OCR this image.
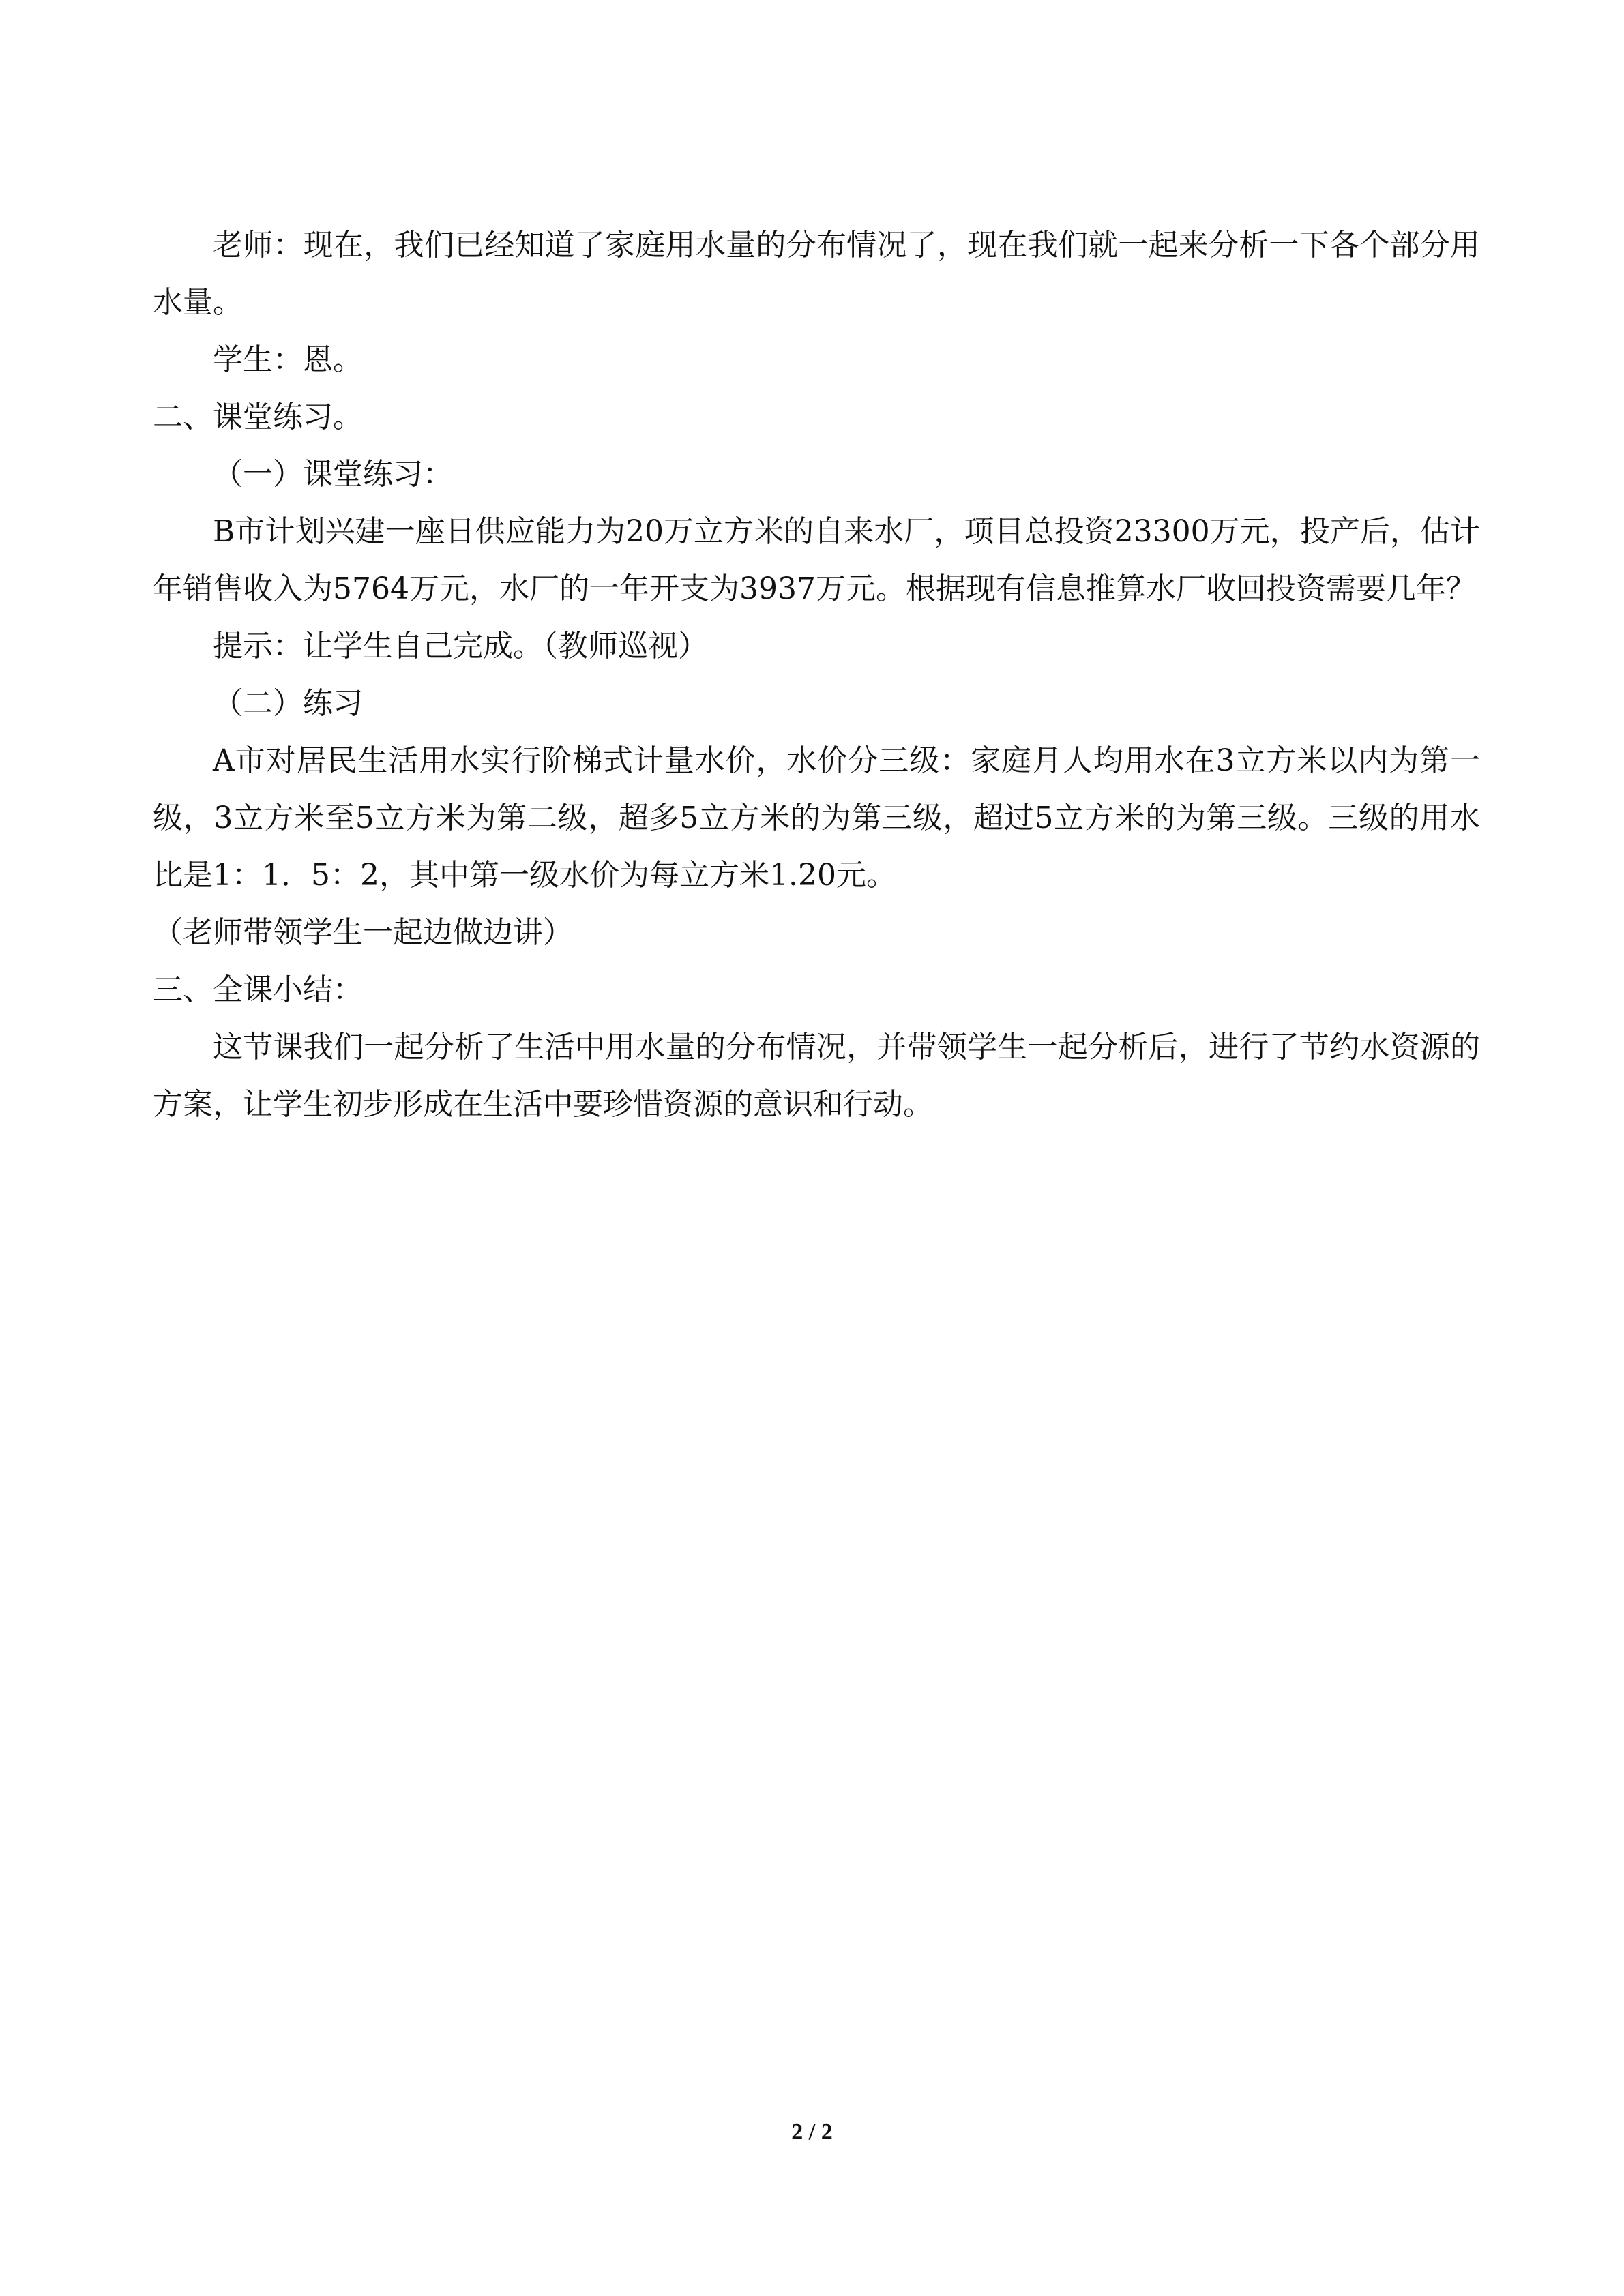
老师：现在，我们已经知道了家庭用水量的分布情况了，现在我们就一起来分析一下各个部分用水量。

学生：恩。

二、课堂练习。

（一）课堂练习：

B市计划兴建一座日供应能力为20万立方米的自来水厂，项目总投资23300万元，投产后，估计年销售收入为5764万元，水厂的一年开支为3937万元。根据现有信息推算水厂收回投资需要几年？

提示：让学生自己完成。（教师巡视）

（二）练习

A市对居民生活用水实行阶梯式计量水价，水价分三级：家庭月人均用水在3立方米以内为第一级，3立方米至5立方米为第二级，超多5立方米的为第三级，超过5立方米的为第三级。三级的用水比是1：1．5：2，其中第一级水价为每立方米1.20元。

（老师带领学生一起边做边讲）

三、全课小结：

这节课我们一起分析了生活中用水量的分布情况，并带领学生一起分析后，进行了节约水资源的方案，让学生初步形成在生活中要珍惜资源的意识和行动。

2 / 2
